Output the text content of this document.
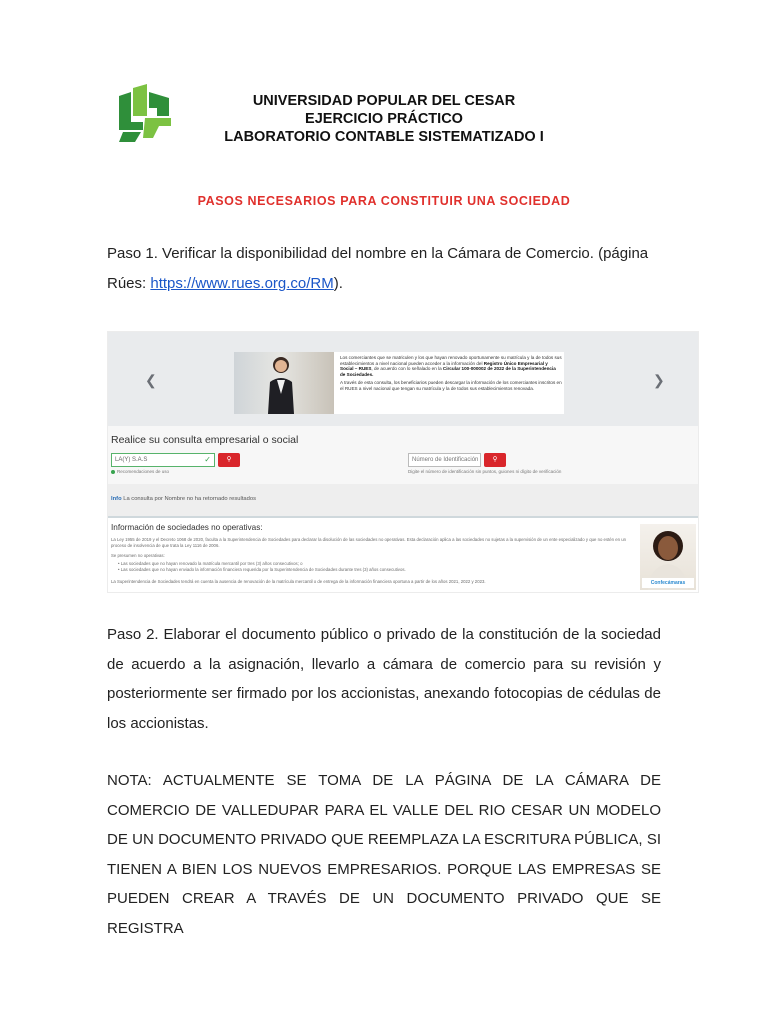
UNIVERSIDAD POPULAR DEL CESAR
EJERCICIO PRÁCTICO
LABORATORIO CONTABLE SISTEMATIZADO I
PASOS NECESARIOS PARA CONSTITUIR UNA SOCIEDAD
Paso 1. Verificar la disponibilidad del nombre en la Cámara de Comercio. (página Rúes: https://www.rues.org.co/RM).
❮
Los comerciantes que se matriculen y los que hayan renovado oportunamente su matrícula y la de todos sus establecimientos a nivel nacional pueden acceder a la información del Registro Único Empresarial y Social – RUES, de acuerdo con lo señalado en la Circular 100-000002 de 2022 de la Superintendencia de Sociedades.
A través de esta consulta, los beneficiarios pueden descargar la información de los comerciantes inscritos en el RUES a nivel nacional que tengan su matrícula y la de todos sus establecimientos renovada.
❯
Realice su consulta empresarial o social
LA(Y) S.A.S	✓	⚲
Recomendaciones de uso
Número de Identificación	⚲
Digite el número de identificación sin puntos, guiones ni dígito de verificación
Info La consulta por Nombre no ha retornado resultados
Información de sociedades no operativas:
La Ley 1955 de 2019 y el Decreto 1068 de 2020, faculta a la Superintendencia de Sociedades para declarar la disolución de las sociedades no operativas. Esta declaración aplica a las sociedades no sujetas a la supervisión de un ente especializado y que no estén en un proceso de insolvencia de que trata la Ley 1116 de 2006.
Se presumen no operativas:
• Las sociedades que no hayan renovado la matrícula mercantil por tres (3) años consecutivos; o
• Las sociedades que no hayan enviado la información financiera requerida por la Superintendencia de Sociedades durante tres (3) años consecutivos.
La Superintendencia de Sociedades tendrá en cuenta la ausencia de renovación de la matrícula mercantil o de entrega de la información financiera oportuna a partir de los años 2021, 2022 y 2023.	Confecámaras
Paso 2. Elaborar el documento público o privado de la constitución de la sociedad de acuerdo a la asignación, llevarlo a cámara de comercio para su revisión y posteriormente ser firmado por los accionistas, anexando fotocopias de cédulas de los accionistas.
NOTA: ACTUALMENTE SE TOMA DE LA PÁGINA DE LA CÁMARA DE COMERCIO DE VALLEDUPAR PARA EL VALLE DEL RIO CESAR UN MODELO DE UN DOCUMENTO PRIVADO QUE REEMPLAZA LA ESCRITURA PÚBLICA, SI TIENEN A BIEN LOS NUEVOS EMPRESARIOS. PORQUE LAS EMPRESAS SE PUEDEN CREAR A TRAVÉS DE UN DOCUMENTO PRIVADO QUE SE REGISTRA
